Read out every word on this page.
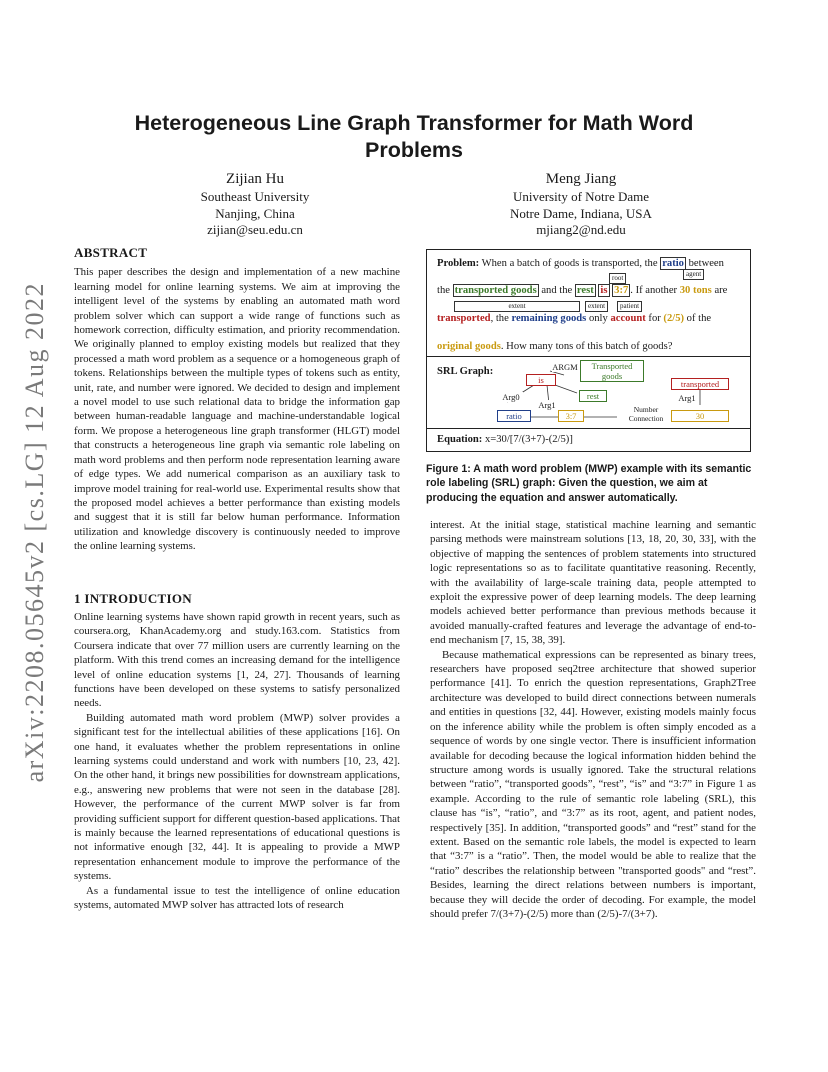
arXiv:2208.05645v2 [cs.LG] 12 Aug 2022
Heterogeneous Line Graph Transformer for Math Word Problems
Zijian Hu
Southeast University
Nanjing, China
zijian@seu.edu.cn
Meng Jiang
University of Notre Dame
Notre Dame, Indiana, USA
mjiang2@nd.edu

ABSTRACT

This paper describes the design and implementation of a new machine learning model for online learning systems. We aim at improving the intelligent level of the systems by enabling an automated math word problem solver which can support a wide range of functions such as homework correction, difficulty estimation, and priority recommendation. We originally planned to employ existing models but realized that they processed a math word problem as a sequence or a homogeneous graph of tokens. Relationships between the multiple types of tokens such as entity, unit, rate, and number were ignored. We decided to design and implement a novel model to use such relational data to bridge the information gap between human-readable language and machine-understandable logical form. We propose a heterogeneous line graph transformer (HLGT) model that constructs a heterogeneous line graph via semantic role labeling on math word problems and then perform node representation learning aware of edge types. We add numerical comparison as an auxiliary task to improve model training for real-world use. Experimental results show that the proposed model achieves a better performance than existing models and suggest that it is still far below human performance. Information utilization and knowledge discovery is continuously needed to improve the online learning systems.

1 INTRODUCTION

Online learning systems have shown rapid growth in recent years, such as coursera.org, KhanAcademy.org and study.163.com. Statistics from Coursera indicate that over 77 million users are currently learning on the platform. With this trend comes an increasing demand for the intelligence level of online education systems [1, 24, 27]. Thousands of learning functions have been developed on these systems to satisfy personalized needs.

Building automated math word problem (MWP) solver provides a significant test for the intellectual abilities of these applications [16]. On one hand, it evaluates whether the problem representations in online learning systems could understand and work with numbers [10, 23, 42]. On the other hand, it brings new possibilities for downstream applications, e.g., answering new problems that were not seen in the database [28]. However, the performance of the current MWP solver is far from providing sufficient support for different question-based applications. That is mainly because the learned representations of educational questions is not informative enough [32, 44]. It is appealing to provide a MWP representation enhancement module to improve the performance of the systems.

As a fundamental issue to test the intelligence of online education systems, automated MWP solver has attracted lots of research

Problem: When a batch of goods is transported, the ratio between
root	agent
the transported goods and the rest is 3:7 . If another 30 tons are
extent	extent	patient
transported, the remaining goods only account for (2/5) of the
original goods. How many tons of this batch of goods?
SRL Graph:	ARGM	Transported goods
is
Arg0	rest
Arg1
ratio	3:7
Number Connection
transported
Arg1
30
Equation: x=30/[7/(3+7)-(2/5)]
Figure 1: A math word problem (MWP) example with its semantic role labeling (SRL) graph: Given the question, we aim at producing the equation and answer automatically.

interest. At the initial stage, statistical machine learning and semantic parsing methods were mainstream solutions [13, 18, 20, 30, 33], with the objective of mapping the sentences of problem statements into structured logic representations so as to facilitate quantitative reasoning. Recently, with the availability of large-scale training data, people attempted to exploit the expressive power of deep learning models. The deep learning models achieved better performance than previous methods because it avoided manually-crafted features and leverage the advantage of end-to-end mechanism [7, 15, 38, 39].

Because mathematical expressions can be represented as binary trees, researchers have proposed seq2tree architecture that showed superior performance [41]. To enrich the question representations, Graph2Tree architecture was developed to build direct connections between numerals and entities in questions [32, 44]. However, existing models mainly focus on the inference ability while the problem is often simply encoded as a sequence of words by one single vector. There is insufficient information available for decoding because the logical information hidden behind the structure among words is usually ignored. Take the structural relations between “ratio”, “transported goods”, “rest”, “is” and “3:7” in Figure 1 as example. According to the rule of semantic role labeling (SRL), this clause has “is”, “ratio”, and “3:7” as its root, agent, and patient nodes, respectively [35]. In addition, “transported goods” and “rest” stand for the extent. Based on the semantic role labels, the model is expected to learn that “3:7” is a “ratio”. Then, the model would be able to realize that the “ratio” describes the relationship between "transported goods" and “rest”. Besides, learning the direct relations between numbers is important, because they will decide the order of decoding. For example, the model should prefer 7/(3+7)-(2/5) more than (2/5)-7/(3+7).
